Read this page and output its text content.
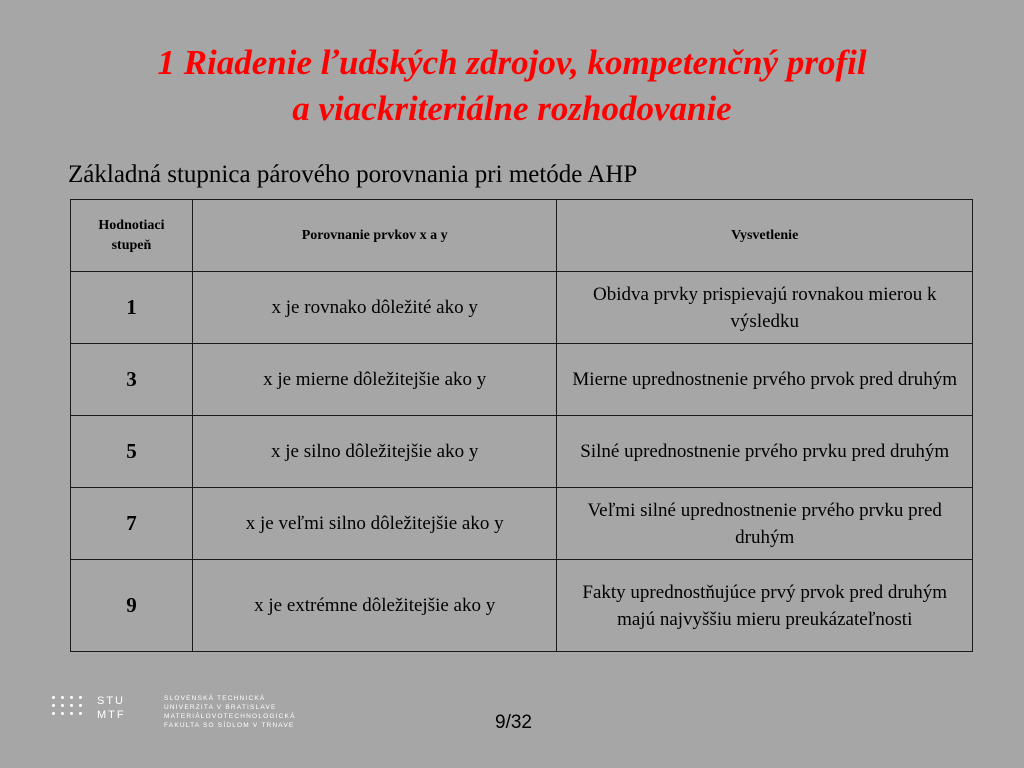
1 Riadenie ľudských zdrojov, kompetenčný profil
a viackriteriálne rozhodovanie
Základná stupnica párového porovnania pri metóde AHP
Hodnotiaci stupeň	Porovnanie prvkov x a y	Vysvetlenie
1	x je rovnako dôležité ako y	Obidva prvky prispievajú rovnakou mierou k výsledku
3	x je mierne dôležitejšie ako y	Mierne uprednostnenie prvého prvok pred druhým
5	x je silno dôležitejšie ako y	Silné uprednostnenie prvého prvku pred druhým
7	x je veľmi silno dôležitejšie ako y	Veľmi silné uprednostnenie prvého prvku pred druhým
9	x je extrémne dôležitejšie ako y	Fakty uprednostňujúce prvý prvok pred druhým majú najvyššiu mieru preukázateľnosti
STU
MTF
SLOVENSKÁ TECHNICKÁ
UNIVERZITA V BRATISLAVE
MATERIÁLOVOTECHNOLOGICKÁ
FAKULTA SO SÍDLOM V TRNAVE	9/32
